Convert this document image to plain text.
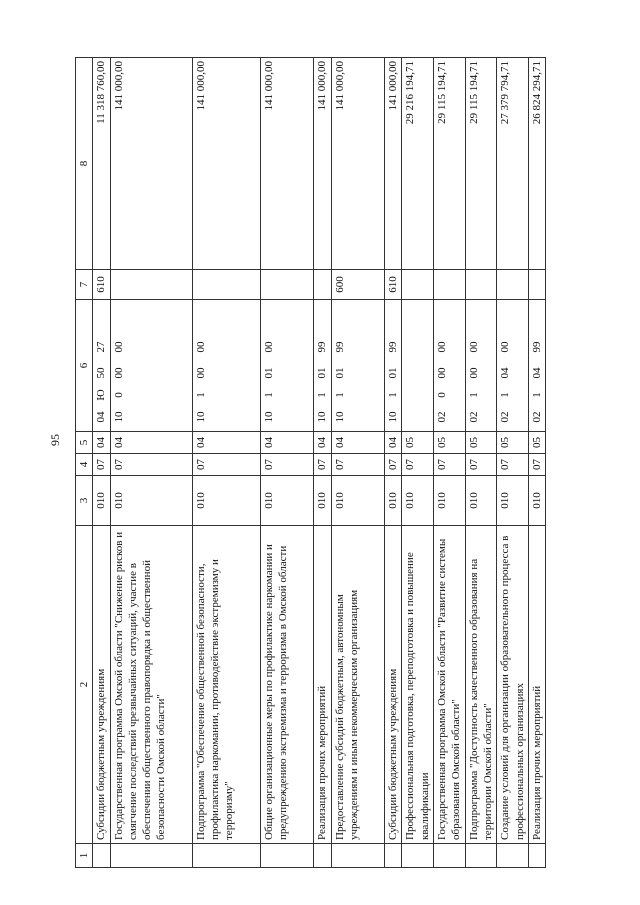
95
1	2	3	4	5	6	7	8
	Субсидии бюджетным учреждениям	010	07	04	04Ю5027	610	11 318 760,00
	Государственная программа Омской области "Снижение рисков и смягчение последствий чрезвычайных ситуаций, участие в обеспечении общественного правопорядка и общественной безопасности Омской области"	010	07	04	1000000		141 000,00
	Подпрограмма "Обеспечение общественной безопасности, профилактика наркомании, противодействие экстремизму и терроризму"	010	07	04	1010000		141 000,00
	Общие организационные меры по профилактике наркомании и предупреждению экстремизма и терроризма в Омской области	010	07	04	1010100		141 000,00
	Реализация прочих мероприятий	010	07	04	1010199		141 000,00
	Предоставление субсидий бюджетным, автономным учреждениям и иным некоммерческим организациям	010	07	04	1010199	600	141 000,00
	Субсидии бюджетным учреждениям	010	07	04	1010199	610	141 000,00
	Профессиональная подготовка, переподготовка и повышение квалификации	010	07	05			29 216 194,71
	Государственная программа Омской области "Развитие системы образования Омской области"	010	07	05	0200000		29 115 194,71
	Подпрограмма "Доступность качественного образования на территории Омской области"	010	07	05	0210000		29 115 194,71
	Создание условий для организации образовательного процесса в профессиональных организациях	010	07	05	0210400		27 379 794,71
	Реализация прочих мероприятий	010	07	05	0210499		26 824 294,71
